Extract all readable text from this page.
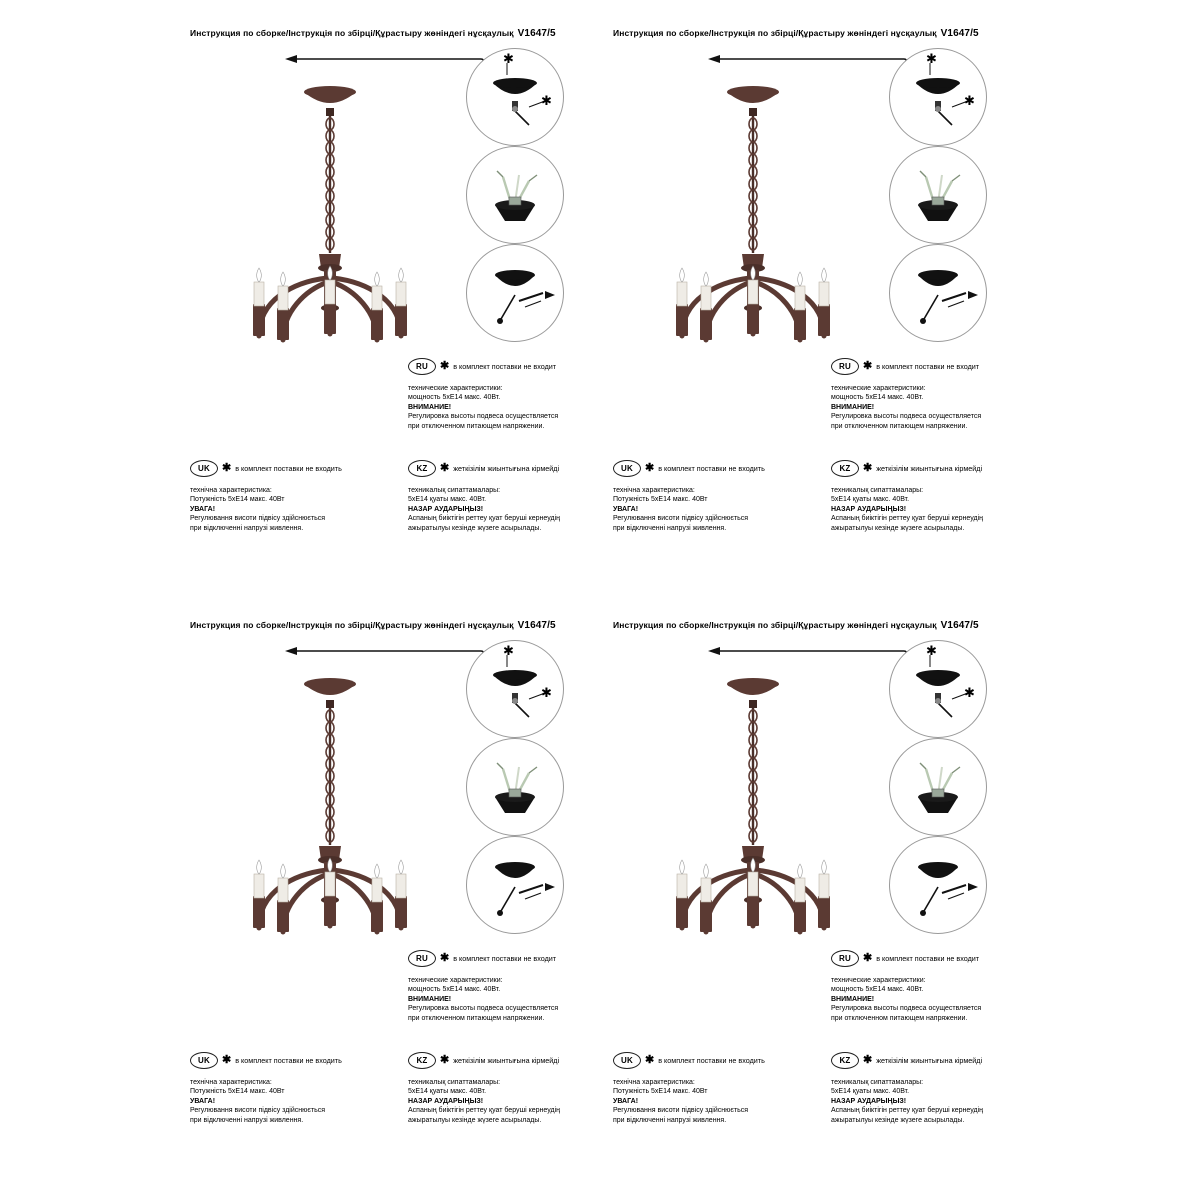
Инструкция по сборке/Інструкція по збірці/Құрастыру жөніндегі нұсқаулық V1647/5
✱
✱
RU	✱ в комплект поставки не входит
технические характеристики:
мощность 5хЕ14 макс. 40Вт.
ВНИМАНИЕ!
Регулировка высоты подвеса осуществляется
при отключенном питающем напряжении.
UK	✱ в комплект поставки не входить
технічна характеристика:
Потужність 5хЕ14 макс. 40Вт
УВАГА!
Регулювання висоти підвісу здійснюється
при відключенні напрузі живлення.
KZ	✱ жеткізілім жиынтығына кірмейді
техникалық сипаттамалары:
5хЕ14 қуаты макс. 40Вт.
НАЗАР АУДАРЫҢЫЗ!
Аспаның биіктігін реттеу қуат беруші кернеудің
ажыратылуы кезінде жүзеге асырылады.
Инструкция по сборке/Інструкція по збірці/Құрастыру жөніндегі нұсқаулық V1647/5
✱
✱
RU	✱ в комплект поставки не входит
технические характеристики:
мощность 5хЕ14 макс. 40Вт.
ВНИМАНИЕ!
Регулировка высоты подвеса осуществляется
при отключенном питающем напряжении.
UK	✱ в комплект поставки не входить
технічна характеристика:
Потужність 5хЕ14 макс. 40Вт
УВАГА!
Регулювання висоти підвісу здійснюється
при відключенні напрузі живлення.
KZ	✱ жеткізілім жиынтығына кірмейді
техникалық сипаттамалары:
5хЕ14 қуаты макс. 40Вт.
НАЗАР АУДАРЫҢЫЗ!
Аспаның биіктігін реттеу қуат беруші кернеудің
ажыратылуы кезінде жүзеге асырылады.
Инструкция по сборке/Інструкція по збірці/Құрастыру жөніндегі нұсқаулық V1647/5
✱
✱
RU	✱ в комплект поставки не входит
технические характеристики:
мощность 5хЕ14 макс. 40Вт.
ВНИМАНИЕ!
Регулировка высоты подвеса осуществляется
при отключенном питающем напряжении.
UK	✱ в комплект поставки не входить
технічна характеристика:
Потужність 5хЕ14 макс. 40Вт
УВАГА!
Регулювання висоти підвісу здійснюється
при відключенні напрузі живлення.
KZ	✱ жеткізілім жиынтығына кірмейді
техникалық сипаттамалары:
5хЕ14 қуаты макс. 40Вт.
НАЗАР АУДАРЫҢЫЗ!
Аспаның биіктігін реттеу қуат беруші кернеудің
ажыратылуы кезінде жүзеге асырылады.
Инструкция по сборке/Інструкція по збірці/Құрастыру жөніндегі нұсқаулық V1647/5
✱
✱
RU	✱ в комплект поставки не входит
технические характеристики:
мощность 5хЕ14 макс. 40Вт.
ВНИМАНИЕ!
Регулировка высоты подвеса осуществляется
при отключенном питающем напряжении.
UK	✱ в комплект поставки не входить
технічна характеристика:
Потужність 5хЕ14 макс. 40Вт
УВАГА!
Регулювання висоти підвісу здійснюється
при відключенні напрузі живлення.
KZ	✱ жеткізілім жиынтығына кірмейді
техникалық сипаттамалары:
5хЕ14 қуаты макс. 40Вт.
НАЗАР АУДАРЫҢЫЗ!
Аспаның биіктігін реттеу қуат беруші кернеудің
ажыратылуы кезінде жүзеге асырылады.
